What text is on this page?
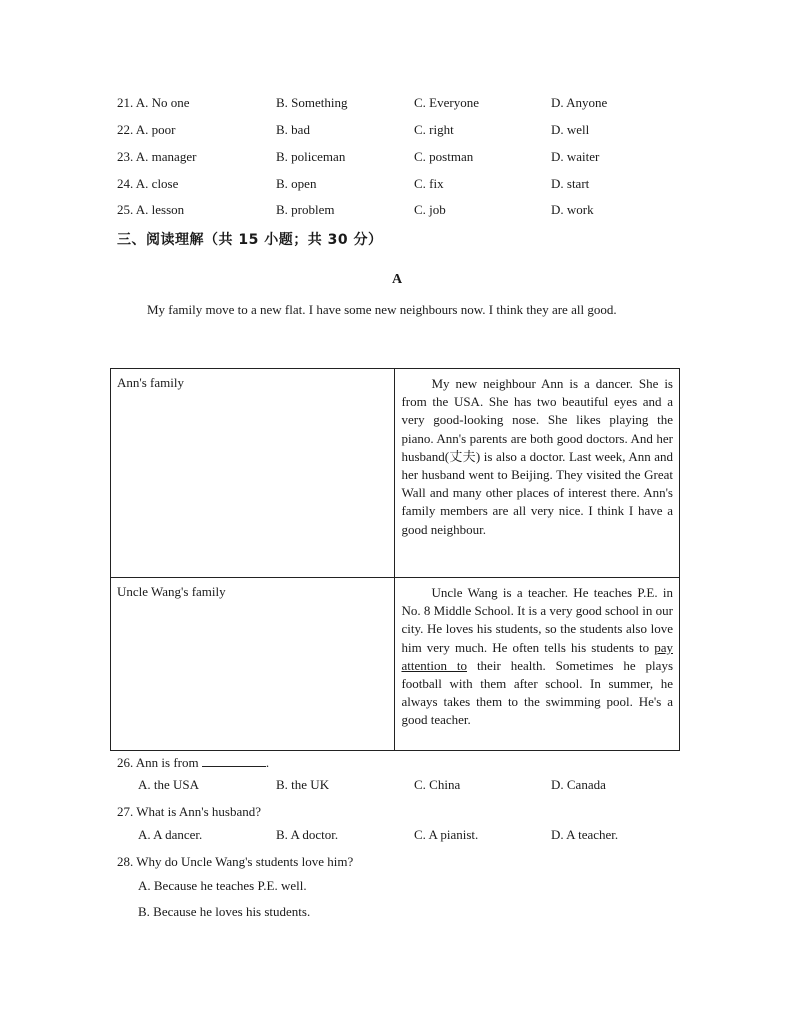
21. A. No one	B. Something	C. Everyone	D. Anyone
22. A. poor	B. bad	C. right	D. well
23. A. manager	B. policeman	C. postman	D. waiter
24. A. close	B. open	C. fix	D. start
25. A. lesson	B. problem	C. job	D. work
三、阅读理解（共 15 小题；共 30 分）
A
My family move to a new flat. I have some new neighbours now. I think they are all good.
Ann's family	My new neighbour Ann is a dancer. She is from the USA. She has two beautiful eyes and a very good-looking nose. She likes playing the piano. Ann's parents are both good doctors. And her husband(丈夫) is also a doctor. Last week, Ann and her husband went to Beijing. They visited the Great Wall and many other places of interest there. Ann's family members are all very nice. I think I have a good neighbour.

Uncle Wang's family	Uncle Wang is a teacher. He teaches P.E. in No. 8 Middle School. It is a very good school in our city. He loves his students, so the students also love him very much. He often tells his students to pay attention to their health. Sometimes he plays football with them after school. In summer, he always takes them to the swimming pool. He's a good teacher.

26. Ann is from	.
A. the USA	B. the UK	C. China	D. Canada
27. What is Ann's husband?
A. A dancer.	B. A doctor.	C. A pianist.	D. A teacher.
28. Why do Uncle Wang's students love him?
A. Because he teaches P.E. well.
B. Because he loves his students.
